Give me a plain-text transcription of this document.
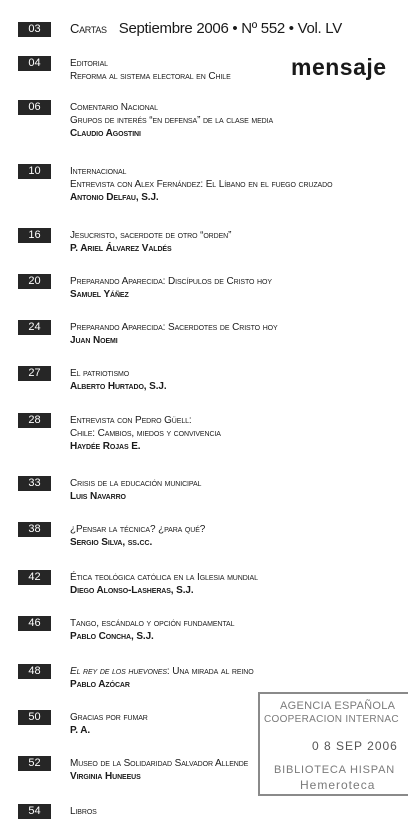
03	Cartas Septiembre 2006 • Nº 552 • Vol. LV
mensaje
04	Editorial
Reforma al sistema electoral en Chile
06	Comentario Nacional
Grupos de interés “en defensa” de la clase media
Claudio Agostini
10	Internacional
Entrevista con Alex Fernández: El Líbano en el fuego cruzado
Antonio Delfau, S.J.
16	Jesucristo, sacerdote de otro “orden”
P. Ariel Álvarez Valdés
20	Preparando Aparecida: Discípulos de Cristo hoy
Samuel Yáñez
24	Preparando Aparecida: Sacerdotes de Cristo hoy
Juan Noemi
27	El patriotismo
Alberto Hurtado, S.J.
28	Entrevista con Pedro Güell:
Chile: Cambios, miedos y convivencia
Haydée Rojas E.
33	Crisis de la educación municipal
Luis Navarro
38	¿Pensar la técnica? ¿para qué?
Sergio Silva, ss.cc.
42	Ética teológica católica en la Iglesia mundial
Diego Alonso-Lasheras, S.J.
46	Tango, escándalo y opción fundamental
Pablo Concha, S.J.
48	El rey de los huevones: Una mirada al reino
Pablo Azócar
50	Gracias por fumar
P. A.
52	Museo de la Solidaridad Salvador Allende
Virginia Huneeus
54	Libros
AGENCIA ESPAÑOLA
COOPERACION INTERNAC
0 8 SEP 2006
BIBLIOTECA HISPAN
Hemeroteca
